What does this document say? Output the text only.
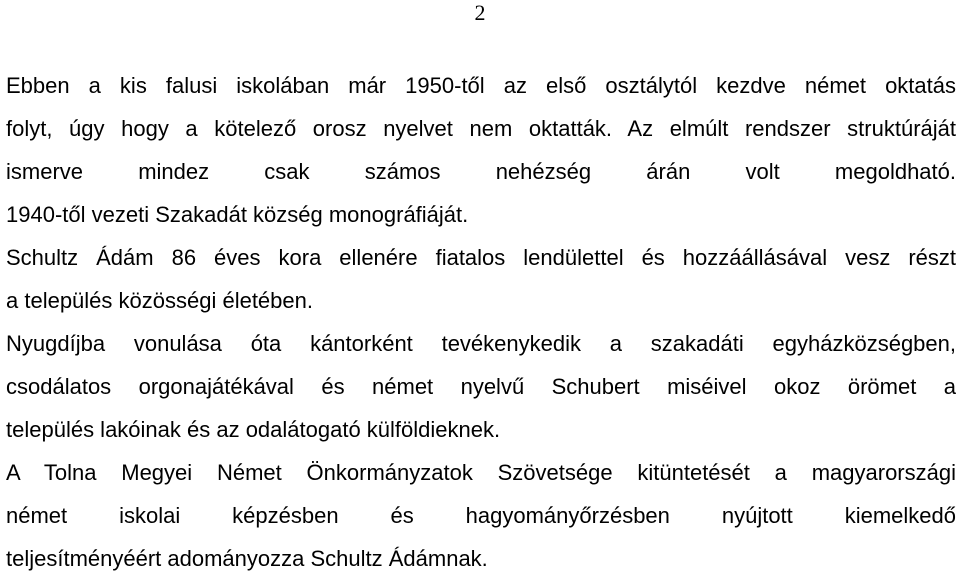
2
Ebben a kis falusi iskolában már 1950-től az első osztálytól kezdve német oktatás
folyt, úgy hogy a kötelező orosz nyelvet nem oktatták. Az elmúlt rendszer struktúráját
ismerve mindez csak számos nehézség árán volt megoldható.
1940-től vezeti Szakadát község monográfiáját.
Schultz Ádám 86 éves kora ellenére fiatalos lendülettel és hozzáállásával vesz részt
a település közösségi életében.
Nyugdíjba vonulása óta kántorként tevékenykedik a szakadáti egyházközségben,
csodálatos orgonajátékával és német nyelvű Schubert miséivel okoz örömet a
település lakóinak és az odalátogató külföldieknek.
A Tolna Megyei Német Önkormányzatok Szövetsége kitüntetését a magyarországi
német iskolai képzésben és hagyományőrzésben nyújtott kiemelkedő
teljesítményéért adományozza Schultz Ádámnak.
